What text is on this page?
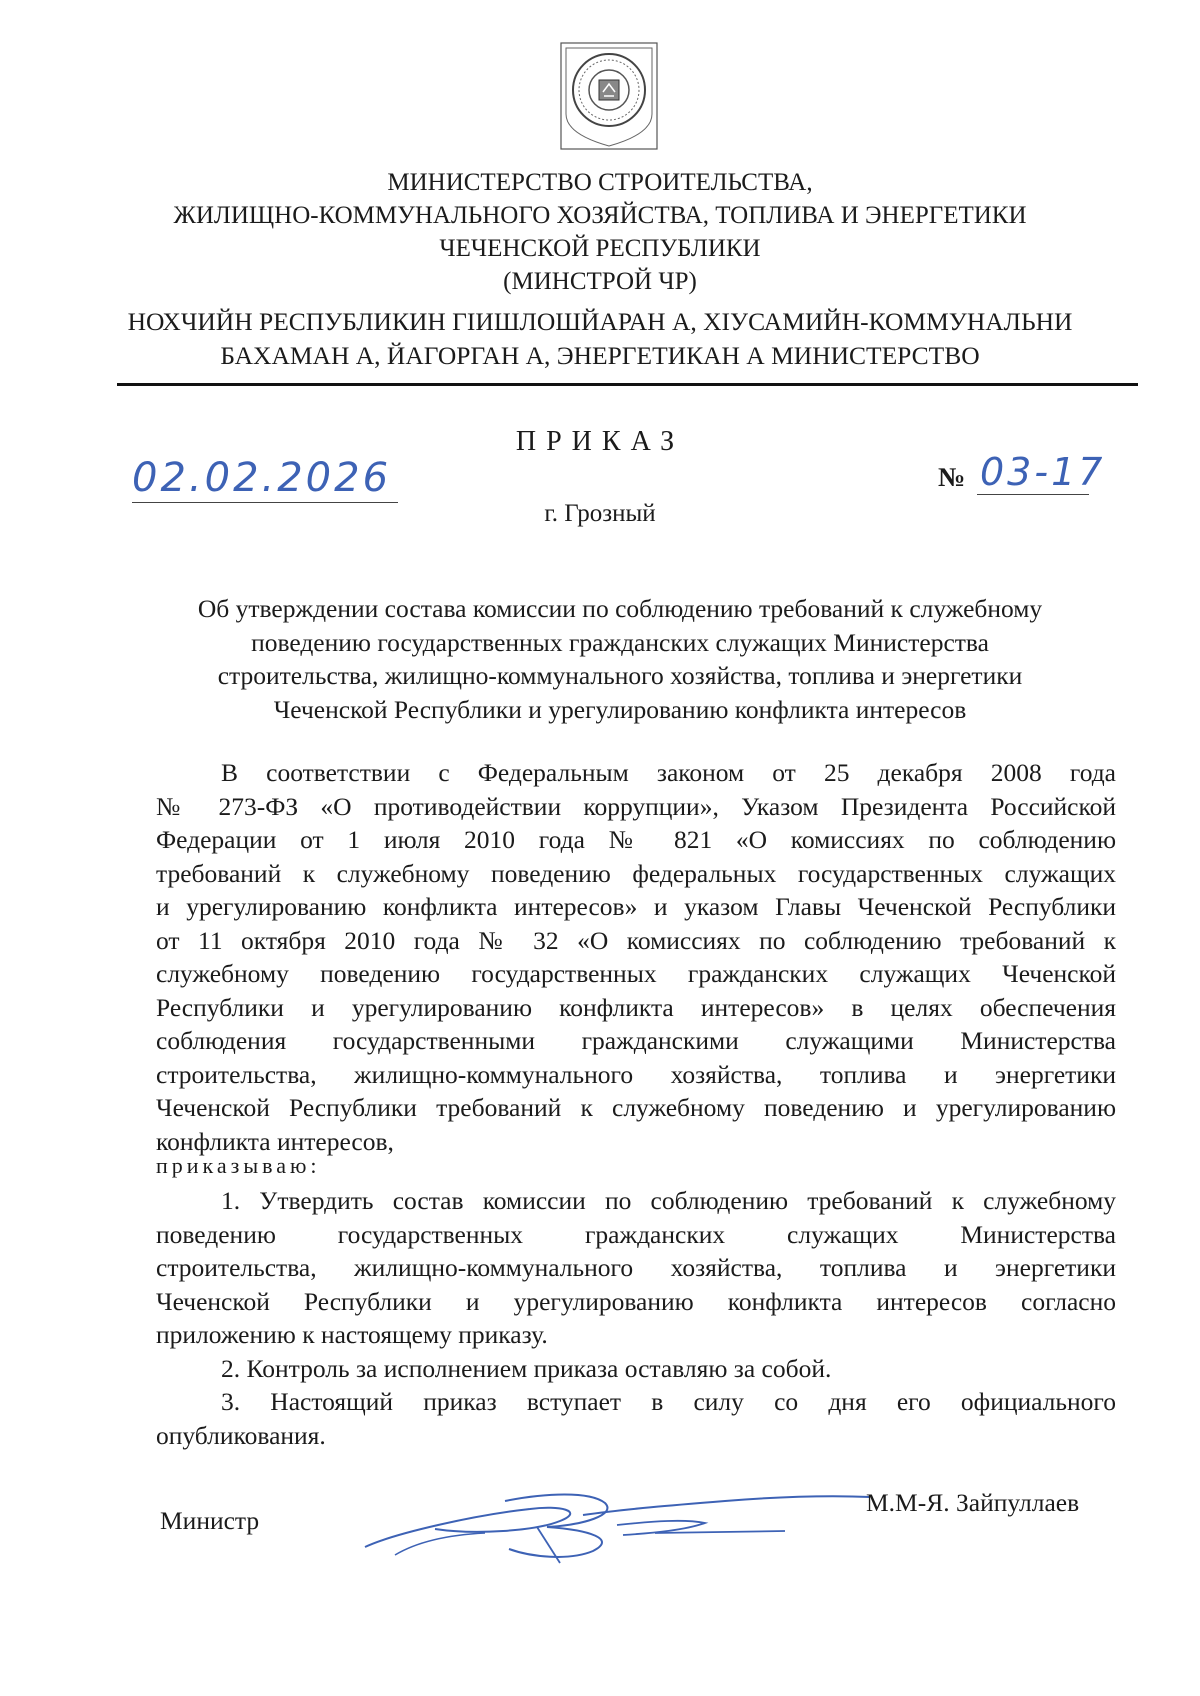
МИНИСТЕРСТВО СТРОИТЕЛЬСТВА,
ЖИЛИЩНО-КОММУНАЛЬНОГО ХОЗЯЙСТВА, ТОПЛИВА И ЭНЕРГЕТИКИ
ЧЕЧЕНСКОЙ РЕСПУБЛИКИ
(МИНСТРОЙ ЧР)
НОХЧИЙН РЕСПУБЛИКИН ГIИШЛОШЙАРАН А, ХIУСАМИЙН-КОММУНАЛЬНИ
БАХАМАН А, ЙАГОРГАН А, ЭНЕРГЕТИКАН А МИНИСТЕРСТВО
ПРИКАЗ
02.02.2026	№ 03-17
г. Грозный
Об утверждении состава комиссии по соблюдению требований к служебному
поведению государственных гражданских служащих Министерства
строительства, жилищно-коммунального хозяйства, топлива и энергетики
Чеченской Республики и урегулированию конфликта интересов
В соответствии с Федеральным законом от 25 декабря 2008 года
№ 273-ФЗ «О противодействии коррупции», Указом Президента Российской
Федерации от 1 июля 2010 года № 821 «О комиссиях по соблюдению
требований к служебному поведению федеральных государственных служащих
и урегулированию конфликта интересов» и указом Главы Чеченской Республики
от 11 октября 2010 года № 32 «О комиссиях по соблюдению требований к
служебному поведению государственных гражданских служащих Чеченской
Республики и урегулированию конфликта интересов» в целях обеспечения
соблюдения государственными гражданскими служащими Министерства
строительства, жилищно-коммунального хозяйства, топлива и энергетики
Чеченской Республики требований к служебному поведению и урегулированию
конфликта интересов,
приказываю:
1. Утвердить состав комиссии по соблюдению требований к служебному
поведению государственных гражданских служащих Министерства
строительства, жилищно-коммунального хозяйства, топлива и энергетики
Чеченской Республики и урегулированию конфликта интересов согласно
приложению к настоящему приказу.
2. Контроль за исполнением приказа оставляю за собой.
3. Настоящий приказ вступает в силу со дня его официального
опубликования.
Министр
М.М-Я. Зайпуллаев
